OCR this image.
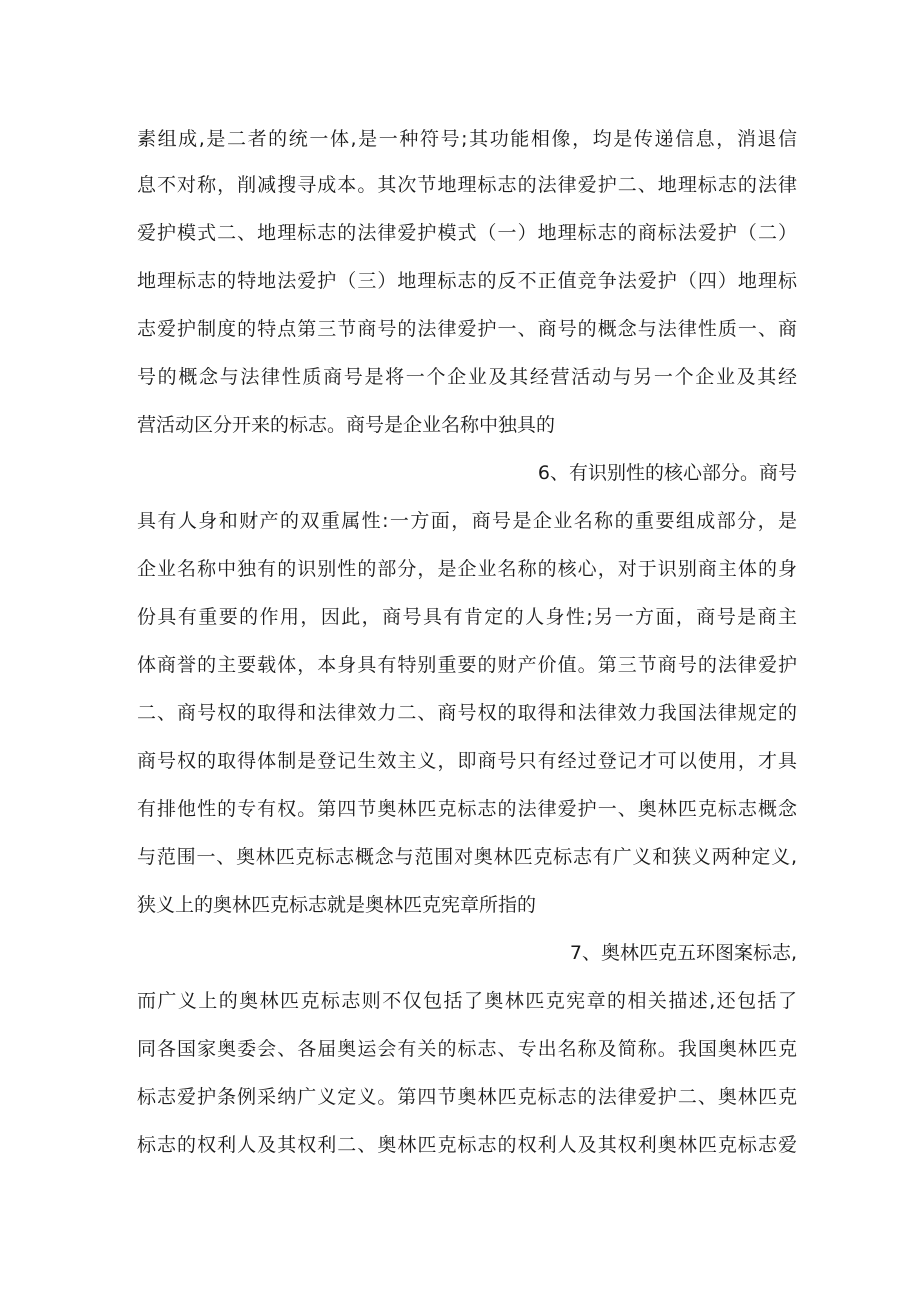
素组成,是二者的统一体,是一种符号;其功能相像，均是传递信息，消退信
息不对称，削减搜寻成本。其次节地理标志的法律爱护二、地理标志的法律
爱护模式二、地理标志的法律爱护模式（一）地理标志的商标法爱护（二）
地理标志的特地法爱护（三）地理标志的反不正值竞争法爱护（四）地理标
志爱护制度的特点第三节商号的法律爱护一、商号的概念与法律性质一、商
号的概念与法律性质商号是将一个企业及其经营活动与另一个企业及其经
营活动区分开来的标志。商号是企业名称中独具的
6、有识别性的核心部分。商号
具有人身和财产的双重属性:一方面，商号是企业名称的重要组成部分，是
企业名称中独有的识别性的部分，是企业名称的核心，对于识别商主体的身
份具有重要的作用，因此，商号具有肯定的人身性;另一方面，商号是商主
体商誉的主要载体，本身具有特别重要的财产价值。第三节商号的法律爱护
二、商号权的取得和法律效力二、商号权的取得和法律效力我国法律规定的
商号权的取得体制是登记生效主义，即商号只有经过登记才可以使用，才具
有排他性的专有权。第四节奥林匹克标志的法律爱护一、奥林匹克标志概念
与范围一、奥林匹克标志概念与范围对奥林匹克标志有广义和狭义两种定义,
狭义上的奥林匹克标志就是奥林匹克宪章所指的
7、奥林匹克五环图案标志,
而广义上的奥林匹克标志则不仅包括了奥林匹克宪章的相关描述,还包括了
同各国家奥委会、各届奥运会有关的标志、专出名称及简称。我国奥林匹克
标志爱护条例采纳广义定义。第四节奥林匹克标志的法律爱护二、奥林匹克
标志的权利人及其权利二、奥林匹克标志的权利人及其权利奥林匹克标志爱
